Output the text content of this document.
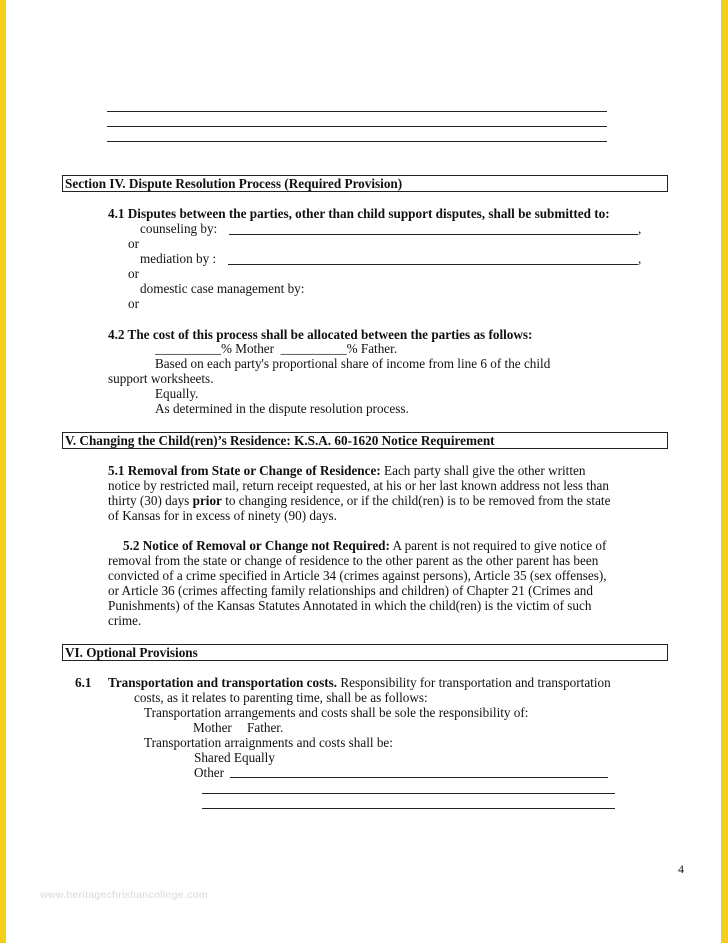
Section IV. Dispute Resolution Process (Required Provision)
4.1 Disputes between the parties, other than child support disputes, shall be submitted to:
counseling by:	,
or
mediation by :	,
or
domestic case management by:
or
4.2 The cost of this process shall be allocated between the parties as follows:
__________% Mother __________% Father.
Based on each party's proportional share of income from line 6 of the child
support worksheets.
Equally.
As determined in the dispute resolution process.
V. Changing the Child(ren)’s Residence: K.S.A. 60-1620 Notice Requirement
5.1 Removal from State or Change of Residence: Each party shall give the other written
notice by restricted mail, return receipt requested, at his or her last known address not less than
thirty (30) days prior to changing residence, or if the child(ren) is to be removed from the state
of Kansas for in excess of ninety (90) days.
5.2 Notice of Removal or Change not Required: A parent is not required to give notice of
removal from the state or change of residence to the other parent as the other parent has been
convicted of a crime specified in Article 34 (crimes against persons), Article 35 (sex offenses),
or Article 36 (crimes affecting family relationships and children) of Chapter 21 (Crimes and
Punishments) of the Kansas Statutes Annotated in which the child(ren) is the victim of such
crime.
VI. Optional Provisions
6.1 Transportation and transportation costs. Responsibility for transportation and transportation
costs, as it relates to parenting time, shall be as follows:
Transportation arrangements and costs shall be sole the responsibility of:
Mother Father.
Transportation arraignments and costs shall be:
Shared Equally
Other
4
www.heritagechristiancollege.com
